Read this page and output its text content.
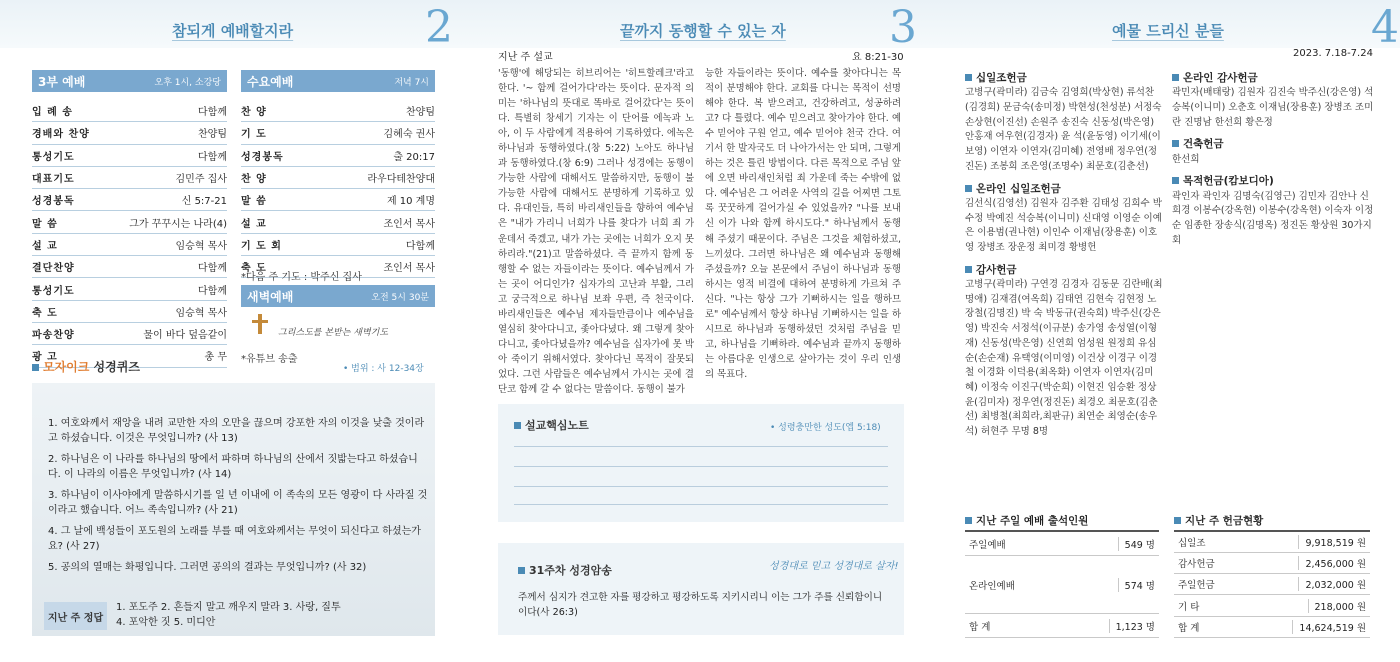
참되게 예배할지라	2
3부 예배	오후 1시, 소강당
입 례 송	다함께
경배와 찬양	찬양팀
통성기도	다함께
대표기도	김민주 집사
성경봉독	신 5:7-21
말 씀	그가 꾸꾸시는 나라(4)
설 교	임승혁 목사
결단찬양	다함께
통성기도	다함께
축 도	임승혁 목사
파송찬양	물이 바다 덮음같이
광 고	총 무
수요예배	저녁 7시
찬 양	찬양팀
기 도	김혜숙 권사
성경봉독	출 20:17
찬 양	라우다테찬양대
말 씀	제 10 계명
설 교	조인서 목사
기 도 회	다함께
축 도	조인서 목사
*다음 주 기도 : 박주신 집사
새벽예배	오전 5시 30분
그리스도를 본받는 새벽기도
*유튜브 송출
모자이크 성경퀴즈	• 범위 : 사 12-34장
1. 여호와께서 재앙을 내려 교만한 자의 오만을 끊으며 강포한 자의 이것을 낮출 것이라고 하셨습니다. 이것은 무엇입니까? (사 13)
2. 하나님은 이 나라를 하나님의 땅에서 파하며 하나님의 산에서 짓밟는다고 하셨습니다. 이 나라의 이름은 무엇입니까? (사 14)
3. 하나님이 이사야에게 말씀하시기를 일 년 이내에 이 족속의 모든 영광이 다 사라질 것이라고 했습니다. 어느 족속입니까? (사 21)
4. 그 날에 백성들이 포도원의 노래를 부를 때 여호와께서는 무엇이 되신다고 하셨는가요? (사 27)
5. 공의의 열매는 화평입니다. 그러면 공의의 결과는 무엇입니까? (사 32)
지난 주 정답
1. 포도주 2. 흔들지 말고 깨우지 말라 3. 사랑, 질투
4. 포악한 짓 5. 미디안
끝까지 동행할 수 있는 자 3
지난 주 설교	요 8:21-30
'동행'에 해당되는 히브리어는 '히트할레크'라고 한다. '~ 함께 걸어가다'라는 뜻이다. 문자적 의미는 '하나님의 뜻대로 똑바로 걸어갔다'는 뜻이다. 특별히 창세기 기자는 이 단어를 에녹과 노아, 이 두 사람에게 적용하여 기록하였다. 에녹은 하나님과 동행하였다.(창 5:22) 노아도 하나님과 동행하였다.(창 6:9) 그러나 성경에는 동행이 가능한 사람에 대해서도 말씀하지만, 동행이 불가능한 사람에 대해서도 분명하게 기록하고 있다. 유대인들, 특히 바리새인들을 향하여 예수님은 "내가 가리니 너희가 나를 찾다가 너희 죄 가운데서 죽겠고, 내가 가는 곳에는 너희가 오지 못하리라."(21)고 말씀하셨다. 즉 끝까지 함께 동행할 수 없는 자들이라는 뜻이다. 예수님께서 가는 곳이 어디인가? 십자가의 고난과 부활, 그리고 궁극적으로 하나님 보좌 우편, 즉 천국이다. 바리새인들은 예수님 제자들만큼이나 예수님을 열심히 찾아다니고, 좇아다녔다. 왜 그렇게 찾아다니고, 좇아다녔을까? 예수님을 십자가에 못 박아 죽이기 위해서였다. 찾아다닌 목적이 잘못되었다. 그런 사람들은 예수님께서 가시는 곳에 결단코 함께 갈 수 없다는 말씀이다. 동행이 불가
능한 자들이라는 뜻이다. 예수를 찾아다니는 목적이 분명해야 한다. 교회를 다니는 목적이 선명해야 한다. 복 받으려고, 건강하려고, 성공하려고? 다 틀렸다. 예수 믿으려고 찾아가야 한다. 예수 믿어야 구원 얻고, 예수 믿어야 천국 간다. 여기서 한 발자국도 더 나아가서는 안 되며, 그렇게 하는 것은 틀린 방법이다. 다른 목적으로 주님 앞에 오면 바리새인처럼 죄 가운데 죽는 수밖에 없다. 예수님은 그 어려운 사역의 길을 어찌면 그토록 꿋꿋하게 걸어가실 수 있었을까? "나를 보내신 이가 나와 함께 하시도다." 하나님께서 동행해 주셨기 때문이다. 주님은 그것을 체험하셨고, 느끼셨다. 그러면 하나님은 왜 예수님과 동행해 주셨을까? 오늘 본문에서 주님이 하나님과 동행하시는 영적 비결에 대하여 분명하게 가르쳐 주신다. "나는 항상 그가 기뻐하시는 일을 행하므로" 예수님께서 항상 하나님 기뻐하시는 일을 하시므로 하나님과 동행하셨던 것처럼 주님을 믿고, 하나님을 기뻐하라. 예수님과 끝까지 동행하는 아름다운 인생으로 살아가는 것이 우리 인생의 목표다.
설교핵심노트	• 성령충만한 성도(엡 5:18)
31주차 성경암송	성경대로 믿고 성경대로 살자!
주께서 심지가 견고한 자를 평강하고 평강하도록 지키시리니 이는 그가 주를 신뢰함이니이다(사 26:3)
예물 드리신 분들	4
2023. 7.18-7.24
십일조헌금
고병구(곽미라) 김금숙 김영희(박상현) 류석찬(김경희) 문금숙(송미정) 박현성(천성분) 서정숙 손상현(이진선) 손원주 송진숙 신동성(박은영) 안홍재 여우현(김경자) 윤 석(윤동영) 이기세(이보영) 이연자 이연자(김미혜) 전영배 정우연(정진돈) 조봉희 조은영(조명수) 최문호(김춘선)
온라인 십일조헌금
김선식(김영선) 김원자 김주환 김태성 김희수 박수정 박예진 석승복(이니미) 신대영 이영순 이예은 이용범(권나현) 이인수 이재님(장용훈) 이호영 장병조 장운정 최미경 황병헌
감사헌금
고병구(곽미라) 구연경 김경자 김동문 김란배(최명애) 김재겸(여옥희) 김태연 김현숙 김현정 노장철(김명진) 박 숙 박동규(권숙희) 박주신(강은영) 박진숙 서정석(이규분) 송가영 송성열(이형재) 신동성(박은영) 신연희 엄성원 원정희 유심순(손순재) 유택영(이미영) 이건상 이경구 이경철 이경화 이덕용(최옥화) 이연자 이연자(김미혜) 이정숙 이진구(박순희) 이현진 임승환 정상윤(김미자) 정우연(정진돈) 최경오 최문호(김춘선) 최병철(최희라,최판규) 최연순 최영순(송우석) 허현주 무명 8명
온라인 감사헌금
곽민자(배태랑) 김원자 김진숙 박주신(강은영) 석승복(이니미) 오춘호 이재님(장용훈) 장병조 조미란 진명남 한선희 황은정
건축헌금
한선희
목적헌금(캄보디아)
곽인자 곽인자 김명숙(김영근) 김민자 김안나 신희경 이봉수(강옥현) 이봉수(강옥현) 이숙자 이정순 임종한 장송식(김명옥) 정진돈 황상원 30가지회
지난 주일 예배 출석인원
주일예배	549 명
온라인예배	574 명
합 계	1,123 명
지난 주 헌금현황
십일조	9,918,519 원
감사헌금	2,456,000 원
주일헌금	2,032,000 원
기 타	218,000 원
합 계	14,624,519 원
